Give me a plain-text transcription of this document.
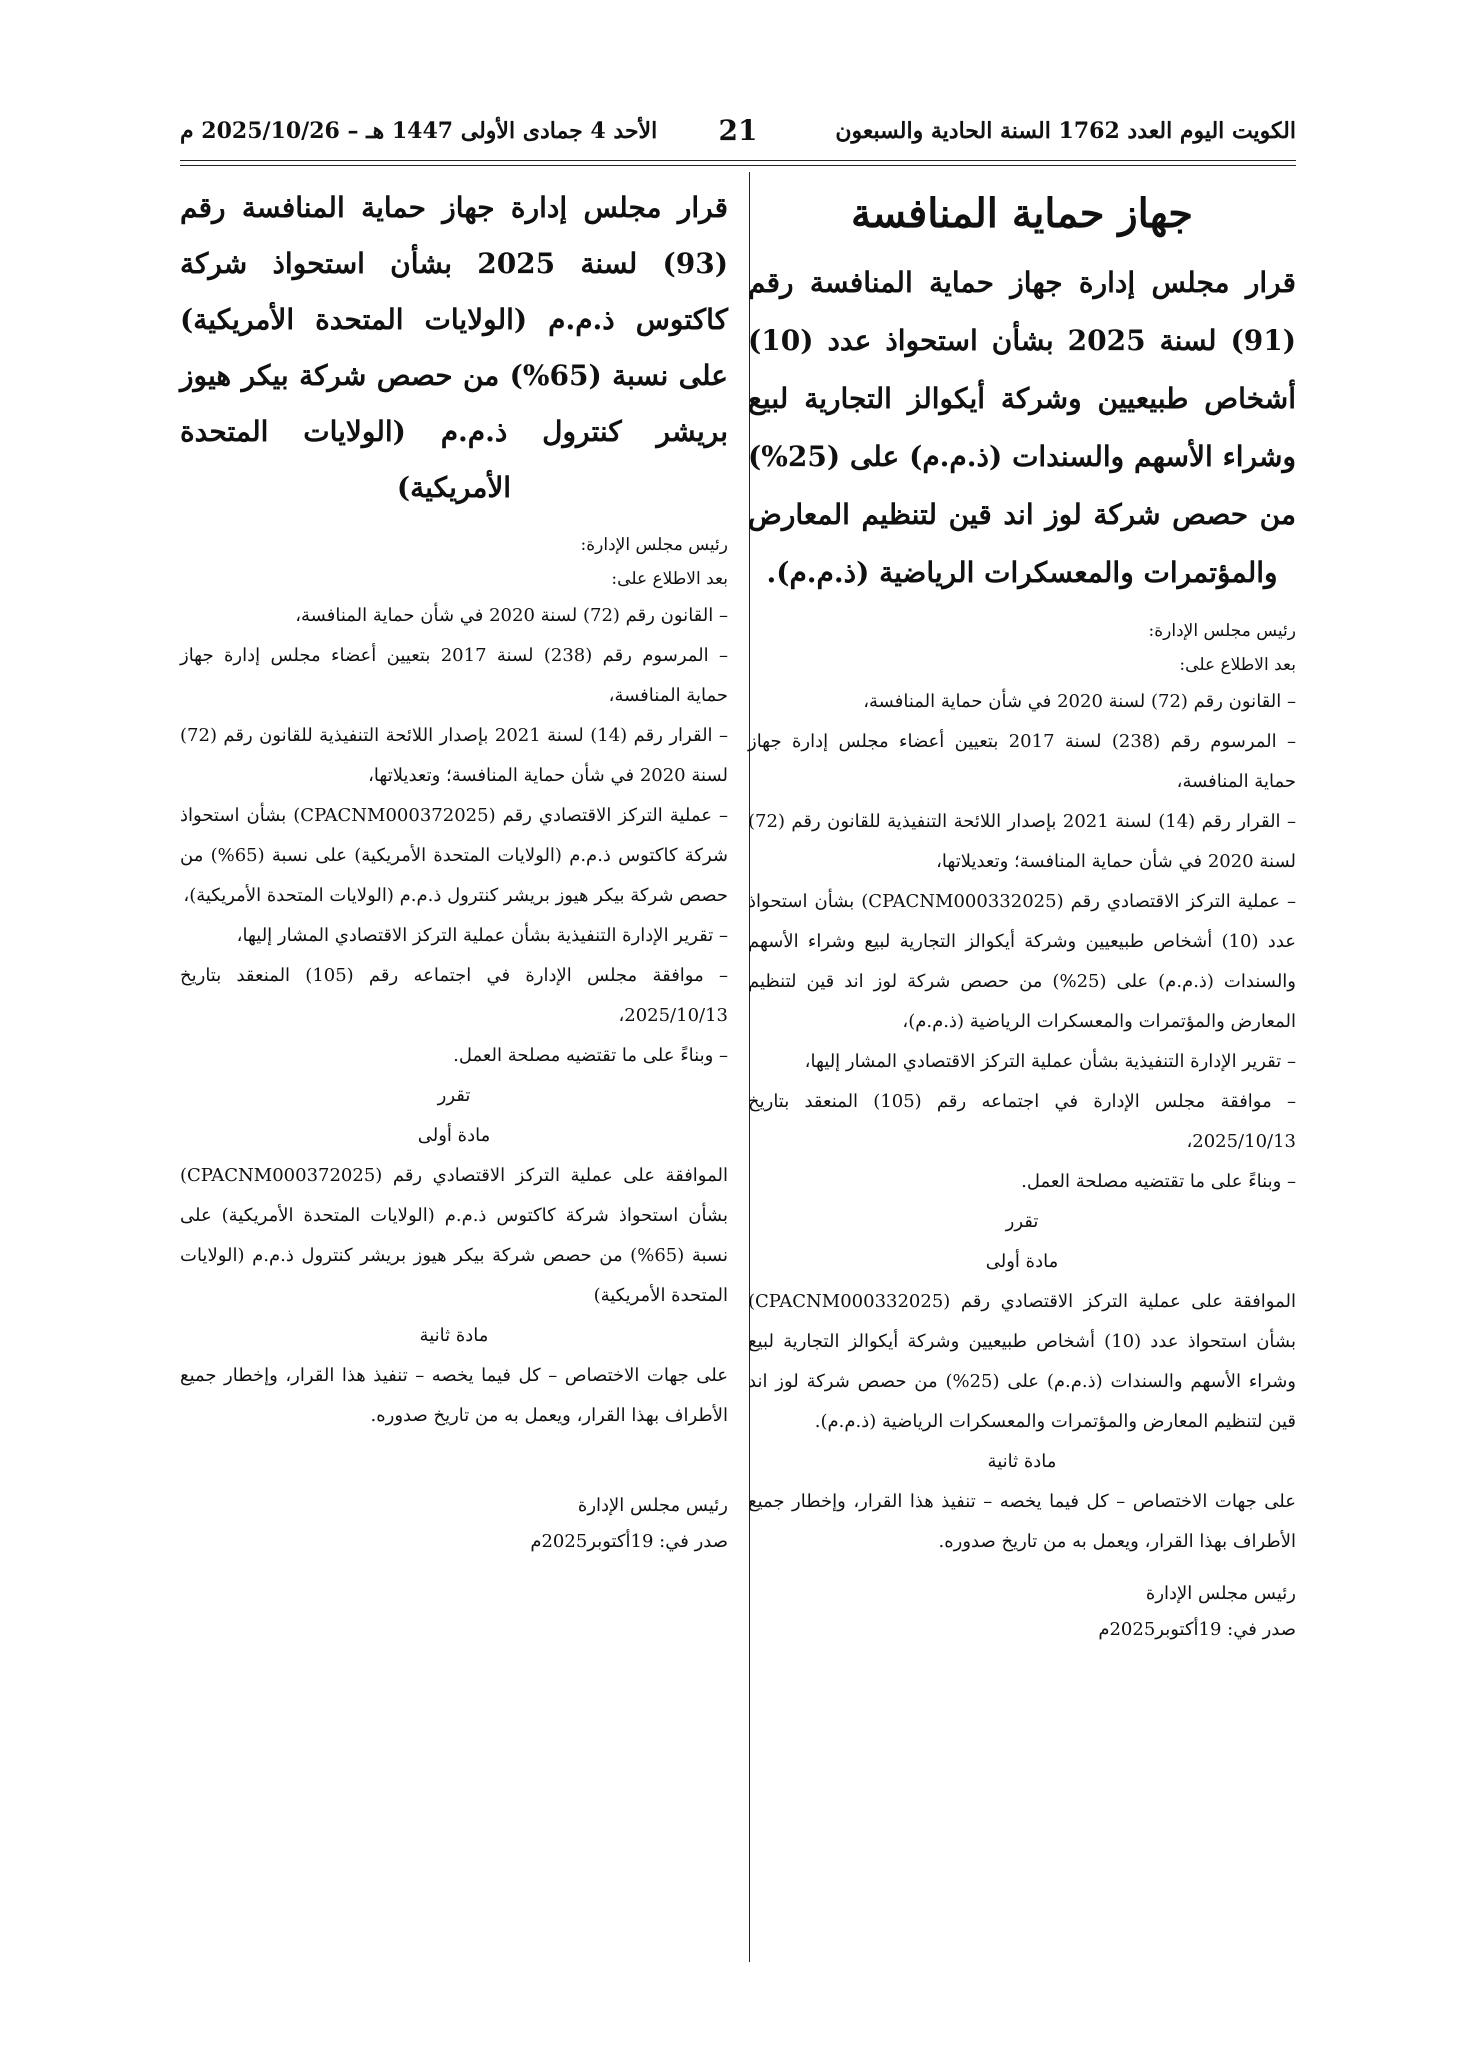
الكويت اليوم العدد 1762 السنة الحادية والسبعون
21
الأحد 4 جمادى الأولى 1447 هـ – 2025/10/26 م
جهاز حماية المنافسة
قرار مجلس إدارة جهاز حماية المنافسة رقم (91) لسنة 2025 بشأن استحواذ عدد (10) أشخاص طبيعيين وشركة أيكوالز التجارية لبيع وشراء الأسهم والسندات (ذ.م.م) على (25%) من حصص شركة لوز اند قين لتنظيم المعارض والمؤتمرات والمعسكرات الرياضية (ذ.م.م).
رئيس مجلس الإدارة:
بعد الاطلاع على:
– القانون رقم (72) لسنة 2020 في شأن حماية المنافسة،
– المرسوم رقم (238) لسنة 2017 بتعيين أعضاء مجلس إدارة جهاز حماية المنافسة،
– القرار رقم (14) لسنة 2021 بإصدار اللائحة التنفيذية للقانون رقم (72) لسنة 2020 في شأن حماية المنافسة؛ وتعديلاتها،
– عملية التركز الاقتصادي رقم (CPACNM000332025) بشأن استحواذ عدد (10) أشخاص طبيعيين وشركة أيكوالز التجارية لبيع وشراء الأسهم والسندات (ذ.م.م) على (25%) من حصص شركة لوز اند قين لتنظيم المعارض والمؤتمرات والمعسكرات الرياضية (ذ.م.م)،
– تقرير الإدارة التنفيذية بشأن عملية التركز الاقتصادي المشار إليها،
– موافقة مجلس الإدارة في اجتماعه رقم (105) المنعقد بتاريخ 2025/10/13،
– وبناءً على ما تقتضيه مصلحة العمل.
تقرر
مادة أولى
الموافقة على عملية التركز الاقتصادي رقم (CPACNM000332025) بشأن استحواذ عدد (10) أشخاص طبيعيين وشركة أيكوالز التجارية لبيع وشراء الأسهم والسندات (ذ.م.م) على (25%) من حصص شركة لوز اند قين لتنظيم المعارض والمؤتمرات والمعسكرات الرياضية (ذ.م.م).
مادة ثانية
على جهات الاختصاص – كل فيما يخصه – تنفيذ هذا القرار، وإخطار جميع الأطراف بهذا القرار، ويعمل به من تاريخ صدوره.
رئيس مجلس الإدارة
صدر في: 19أكتوبر2025م
قرار مجلس إدارة جهاز حماية المنافسة رقم (93) لسنة 2025 بشأن استحواذ شركة كاكتوس ذ.م.م (الولايات المتحدة الأمريكية) على نسبة (65%) من حصص شركة بيكر هيوز بريشر كنترول ذ.م.م (الولايات المتحدة الأمريكية)
رئيس مجلس الإدارة:
بعد الاطلاع على:
– القانون رقم (72) لسنة 2020 في شأن حماية المنافسة،
– المرسوم رقم (238) لسنة 2017 بتعيين أعضاء مجلس إدارة جهاز حماية المنافسة،
– القرار رقم (14) لسنة 2021 بإصدار اللائحة التنفيذية للقانون رقم (72) لسنة 2020 في شأن حماية المنافسة؛ وتعديلاتها،
– عملية التركز الاقتصادي رقم (CPACNM000372025) بشأن استحواذ شركة كاكتوس ذ.م.م (الولايات المتحدة الأمريكية) على نسبة (65%) من حصص شركة بيكر هيوز بريشر كنترول ذ.م.م (الولايات المتحدة الأمريكية)،
– تقرير الإدارة التنفيذية بشأن عملية التركز الاقتصادي المشار إليها،
– موافقة مجلس الإدارة في اجتماعه رقم (105) المنعقد بتاريخ 2025/10/13،
– وبناءً على ما تقتضيه مصلحة العمل.
تقرر
مادة أولى
الموافقة على عملية التركز الاقتصادي رقم (CPACNM000372025) بشأن استحواذ شركة كاكتوس ذ.م.م (الولايات المتحدة الأمريكية) على نسبة (65%) من حصص شركة بيكر هيوز بريشر كنترول ذ.م.م (الولايات المتحدة الأمريكية)
مادة ثانية
على جهات الاختصاص – كل فيما يخصه – تنفيذ هذا القرار، وإخطار جميع الأطراف بهذا القرار، ويعمل به من تاريخ صدوره.
رئيس مجلس الإدارة
صدر في: 19أكتوبر2025م
